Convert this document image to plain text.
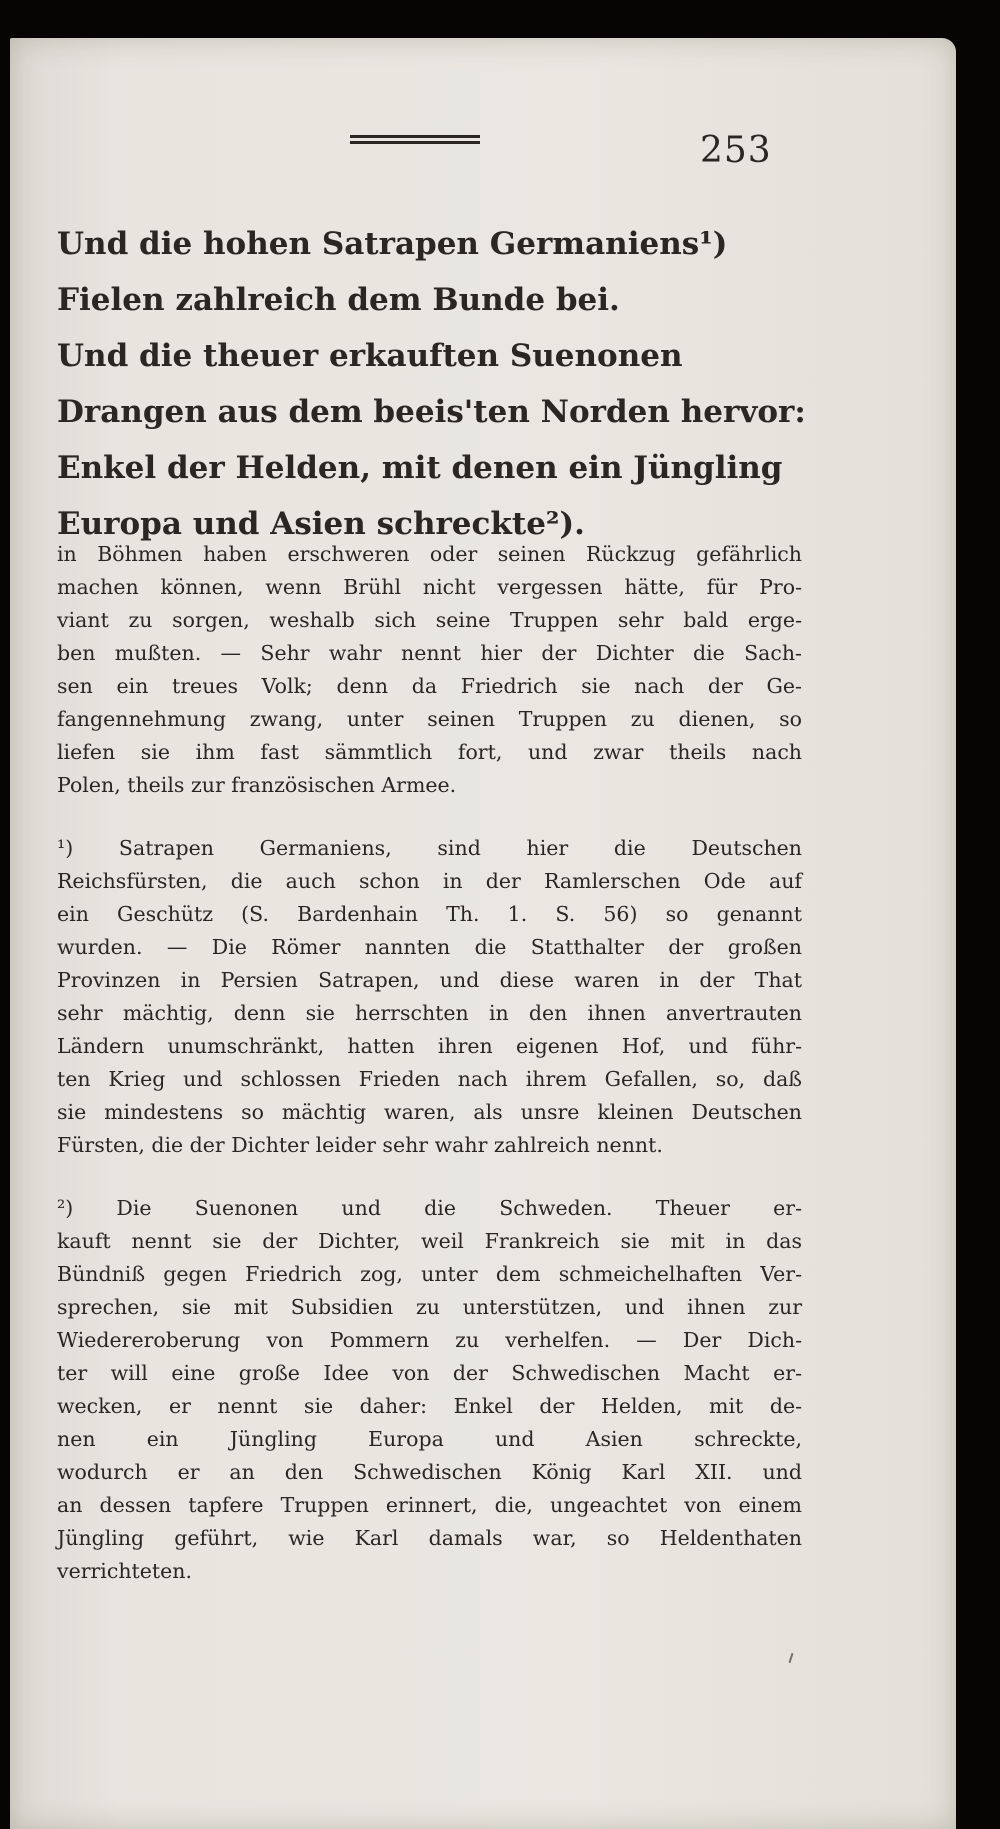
253
Und die hohen Satrapen Germaniens¹)
Fielen zahlreich dem Bunde bei.
Und die theuer erkauften Suenonen
Drangen aus dem beeis'ten Norden hervor:
Enkel der Helden, mit denen ein Jüngling
Europa und Asien schreckte²).
in Böhmen haben erschweren oder seinen Rückzug gefährlich
machen können, wenn Brühl nicht vergessen hätte, für Pro-
viant zu sorgen, weshalb sich seine Truppen sehr bald erge-
ben mußten. — Sehr wahr nennt hier der Dichter die Sach-
sen ein treues Volk; denn da Friedrich sie nach der Ge-
fangennehmung zwang, unter seinen Truppen zu dienen, so
liefen sie ihm fast sämmtlich fort, und zwar theils nach
Polen, theils zur französischen Armee.
¹) Satrapen Germaniens, sind hier die Deutschen
Reichsfürsten, die auch schon in der Ramlerschen Ode auf
ein Geschütz (S. Bardenhain Th. 1. S. 56) so genannt
wurden. — Die Römer nannten die Statthalter der großen
Provinzen in Persien Satrapen, und diese waren in der That
sehr mächtig, denn sie herrschten in den ihnen anvertrauten
Ländern unumschränkt, hatten ihren eigenen Hof, und führ-
ten Krieg und schlossen Frieden nach ihrem Gefallen, so, daß
sie mindestens so mächtig waren, als unsre kleinen Deutschen
Fürsten, die der Dichter leider sehr wahr zahlreich nennt.
²) Die Suenonen und die Schweden. Theuer er-
kauft nennt sie der Dichter, weil Frankreich sie mit in das
Bündniß gegen Friedrich zog, unter dem schmeichelhaften Ver-
sprechen, sie mit Subsidien zu unterstützen, und ihnen zur
Wiedereroberung von Pommern zu verhelfen. — Der Dich-
ter will eine große Idee von der Schwedischen Macht er-
wecken, er nennt sie daher: Enkel der Helden, mit de-
nen ein Jüngling Europa und Asien schreckte,
wodurch er an den Schwedischen König Karl XII. und
an dessen tapfere Truppen erinnert, die, ungeachtet von einem
Jüngling geführt, wie Karl damals war, so Heldenthaten
verrichteten.
